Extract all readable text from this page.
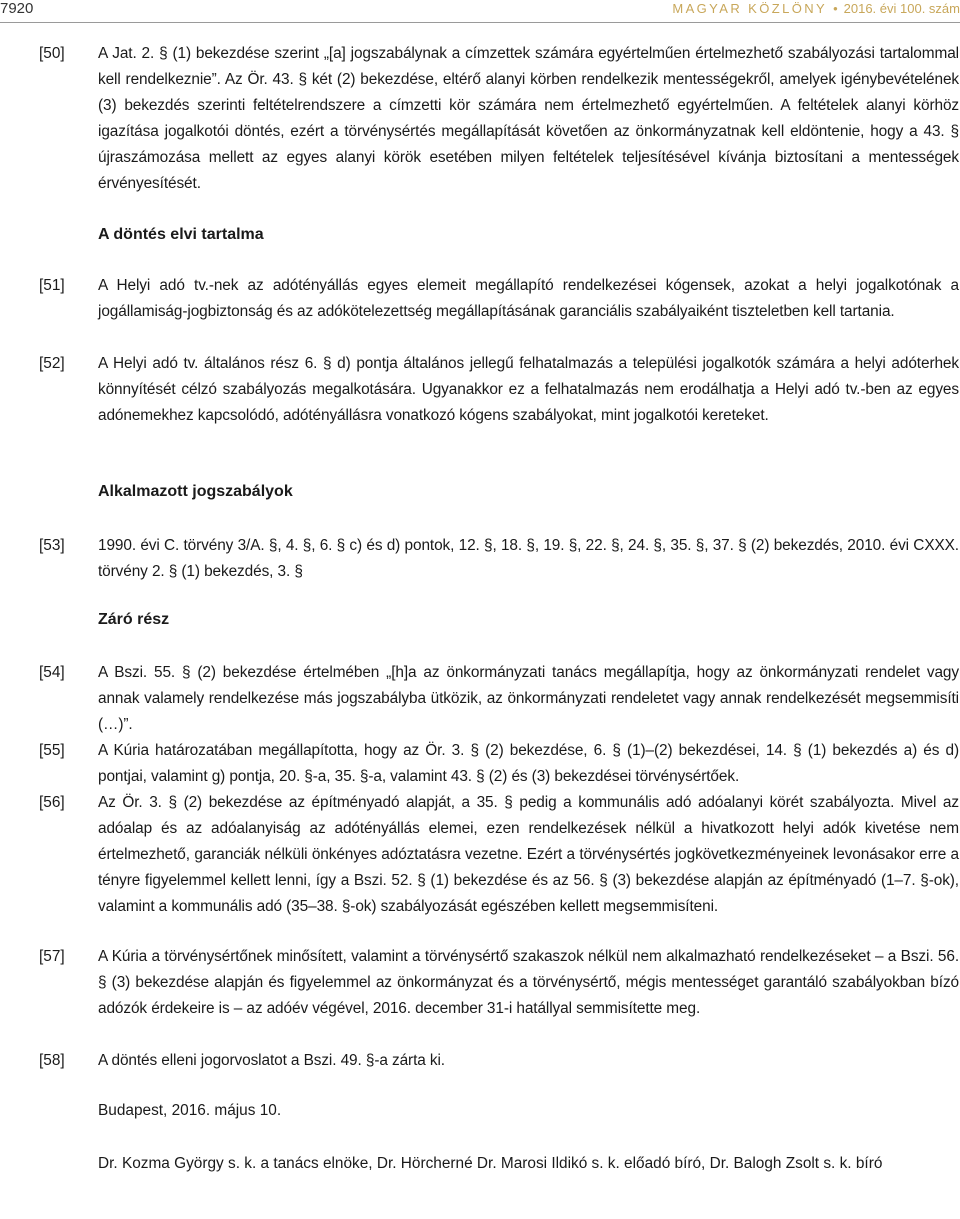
7920	MAGYAR KÖZLÖNY• 2016. évi 100. szám
[50] A Jat. 2. § (1) bekezdése szerint „[a] jogszabálynak a címzettek számára egyértelműen értelmezhető szabályozási tartalommal kell rendelkeznie”. Az Ör. 43. § két (2) bekezdése, eltérő alanyi körben rendelkezik mentességekről, amelyek igénybevételének (3) bekezdés szerinti feltételrendszere a címzetti kör számára nem értelmezhető egyértelműen. A feltételek alanyi körhöz igazítása jogalkotói döntés, ezért a törvénysértés megállapítását követően az önkormányzatnak kell eldöntenie, hogy a 43. § újraszámozása mellett az egyes alanyi körök esetében milyen feltételek teljesítésével kívánja biztosítani a mentességek érvényesítését.
A döntés elvi tartalma
[51] A Helyi adó tv.-nek az adótényállás egyes elemeit megállapító rendelkezései kógensek, azokat a helyi jogalkotónak a jogállamiság-jogbiztonság és az adókötelezettség megállapításának garanciális szabályaiként tiszteletben kell tartania.
[52] A Helyi adó tv. általános rész 6. § d) pontja általános jellegű felhatalmazás a települési jogalkotók számára a helyi adóterhek könnyítését célzó szabályozás megalkotására. Ugyanakkor ez a felhatalmazás nem erodálhatja a Helyi adó tv.-ben az egyes adónemekhez kapcsolódó, adótényállásra vonatkozó kógens szabályokat, mint jogalkotói kereteket.
Alkalmazott jogszabályok
[53] 1990. évi C. törvény 3/A. §, 4. §, 6. § c) és d) pontok, 12. §, 18. §, 19. §, 22. §, 24. §, 35. §, 37. § (2) bekezdés, 2010. évi CXXX. törvény 2. § (1) bekezdés, 3. §
Záró rész
[54] A Bszi. 55. § (2) bekezdése értelmében „[h]a az önkormányzati tanács megállapítja, hogy az önkormányzati rendelet vagy annak valamely rendelkezése más jogszabályba ütközik, az önkormányzati rendeletet vagy annak rendelkezését megsemmisíti (…)”.
[55] A Kúria határozatában megállapította, hogy az Ör. 3. § (2) bekezdése, 6. § (1)–(2) bekezdései, 14. § (1) bekezdés a) és d) pontjai, valamint g) pontja, 20. §-a, 35. §-a, valamint 43. § (2) és (3) bekezdései törvénysértőek.
[56] Az Ör. 3. § (2) bekezdése az építményadó alapját, a 35. § pedig a kommunális adó adóalanyi körét szabályozta. Mivel az adóalap és az adóalanyiság az adótényállás elemei, ezen rendelkezések nélkül a hivatkozott helyi adók kivetése nem értelmezhető, garanciák nélküli önkényes adóztatásra vezetne. Ezért a törvénysértés jogkövetkezményeinek levonásakor erre a tényre figyelemmel kellett lenni, így a Bszi. 52. § (1) bekezdése és az 56. § (3) bekezdése alapján az építményadó (1–7. §-ok), valamint a kommunális adó (35–38. §-ok) szabályozását egészében kellett megsemmisíteni.
[57] A Kúria a törvénysértőnek minősített, valamint a törvénysértő szakaszok nélkül nem alkalmazható rendelkezéseket – a Bszi. 56. § (3) bekezdése alapján és figyelemmel az önkormányzat és a törvénysértő, mégis mentességet garantáló szabályokban bízó adózók érdekeire is – az adóév végével, 2016. december 31-i hatállyal semmisítette meg.
[58] A döntés elleni jogorvoslatot a Bszi. 49. §-a zárta ki.

Budapest, 2016. május 10.

Dr. Kozma György s. k. a tanács elnöke, Dr. Hörcherné Dr. Marosi Ildikó s. k. előadó bíró, Dr. Balogh Zsolt s. k. bíró
